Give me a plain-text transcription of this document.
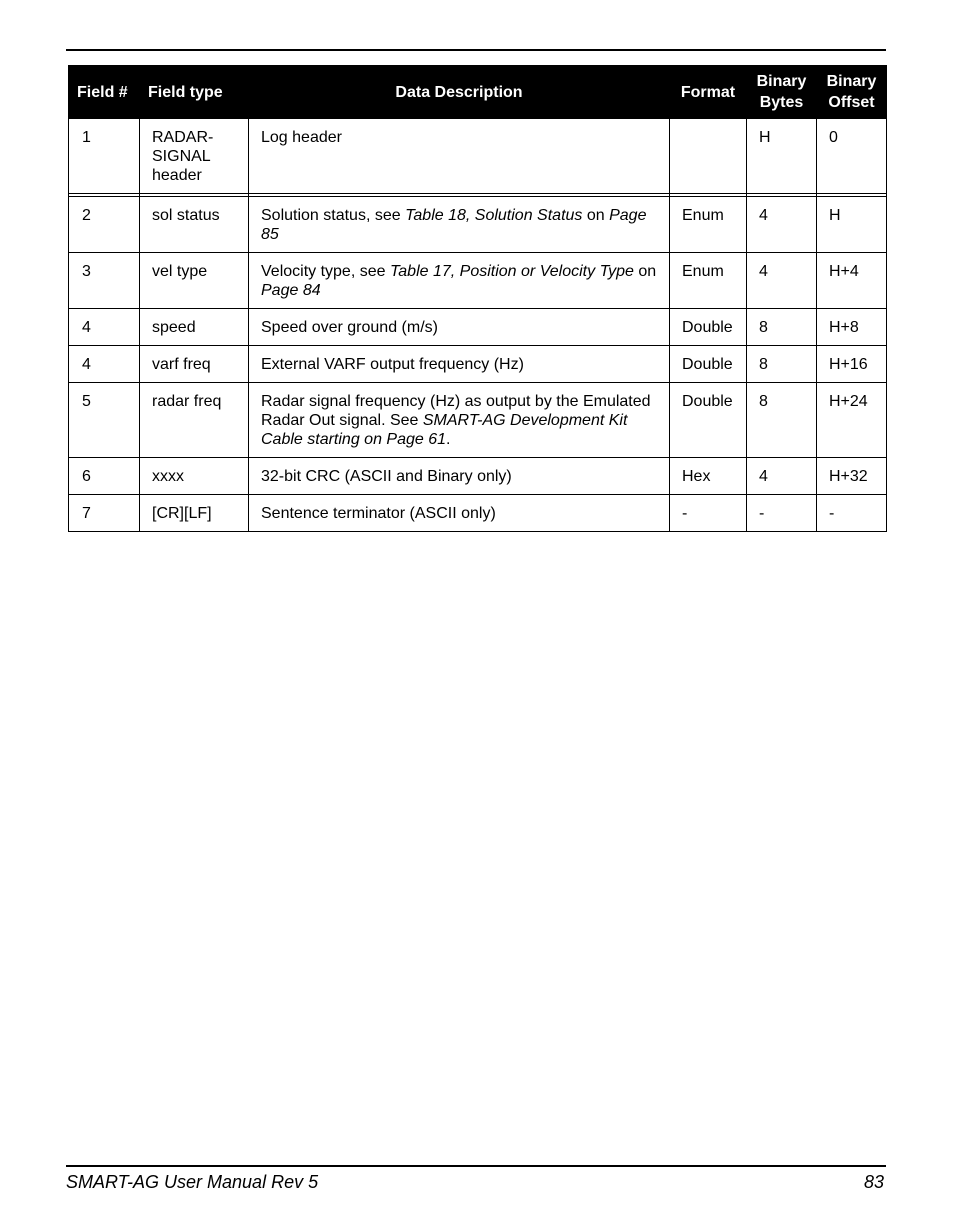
Field #	Field type	Data Description	Format	Binary Bytes	Binary Offset
1	RADAR-SIGNAL header	Log header		H	0

2	sol status	Solution status, see Table 18, Solution Status on Page 85	Enum	4	H
3	vel type	Velocity type, see Table 17, Position or Velocity Type on Page 84	Enum	4	H+4
4	speed	Speed over ground (m/s)	Double	8	H+8
4	varf freq	External VARF output frequency (Hz)	Double	8	H+16
5	radar freq	Radar signal frequency (Hz) as output by the Emulated Radar Out signal. See SMART-AG Development Kit Cable starting on Page 61.	Double	8	H+24
6	xxxx	32-bit CRC (ASCII and Binary only)	Hex	4	H+32
7	[CR][LF]	Sentence terminator (ASCII only)	-	-	-
SMART-AG User Manual Rev 5	83
